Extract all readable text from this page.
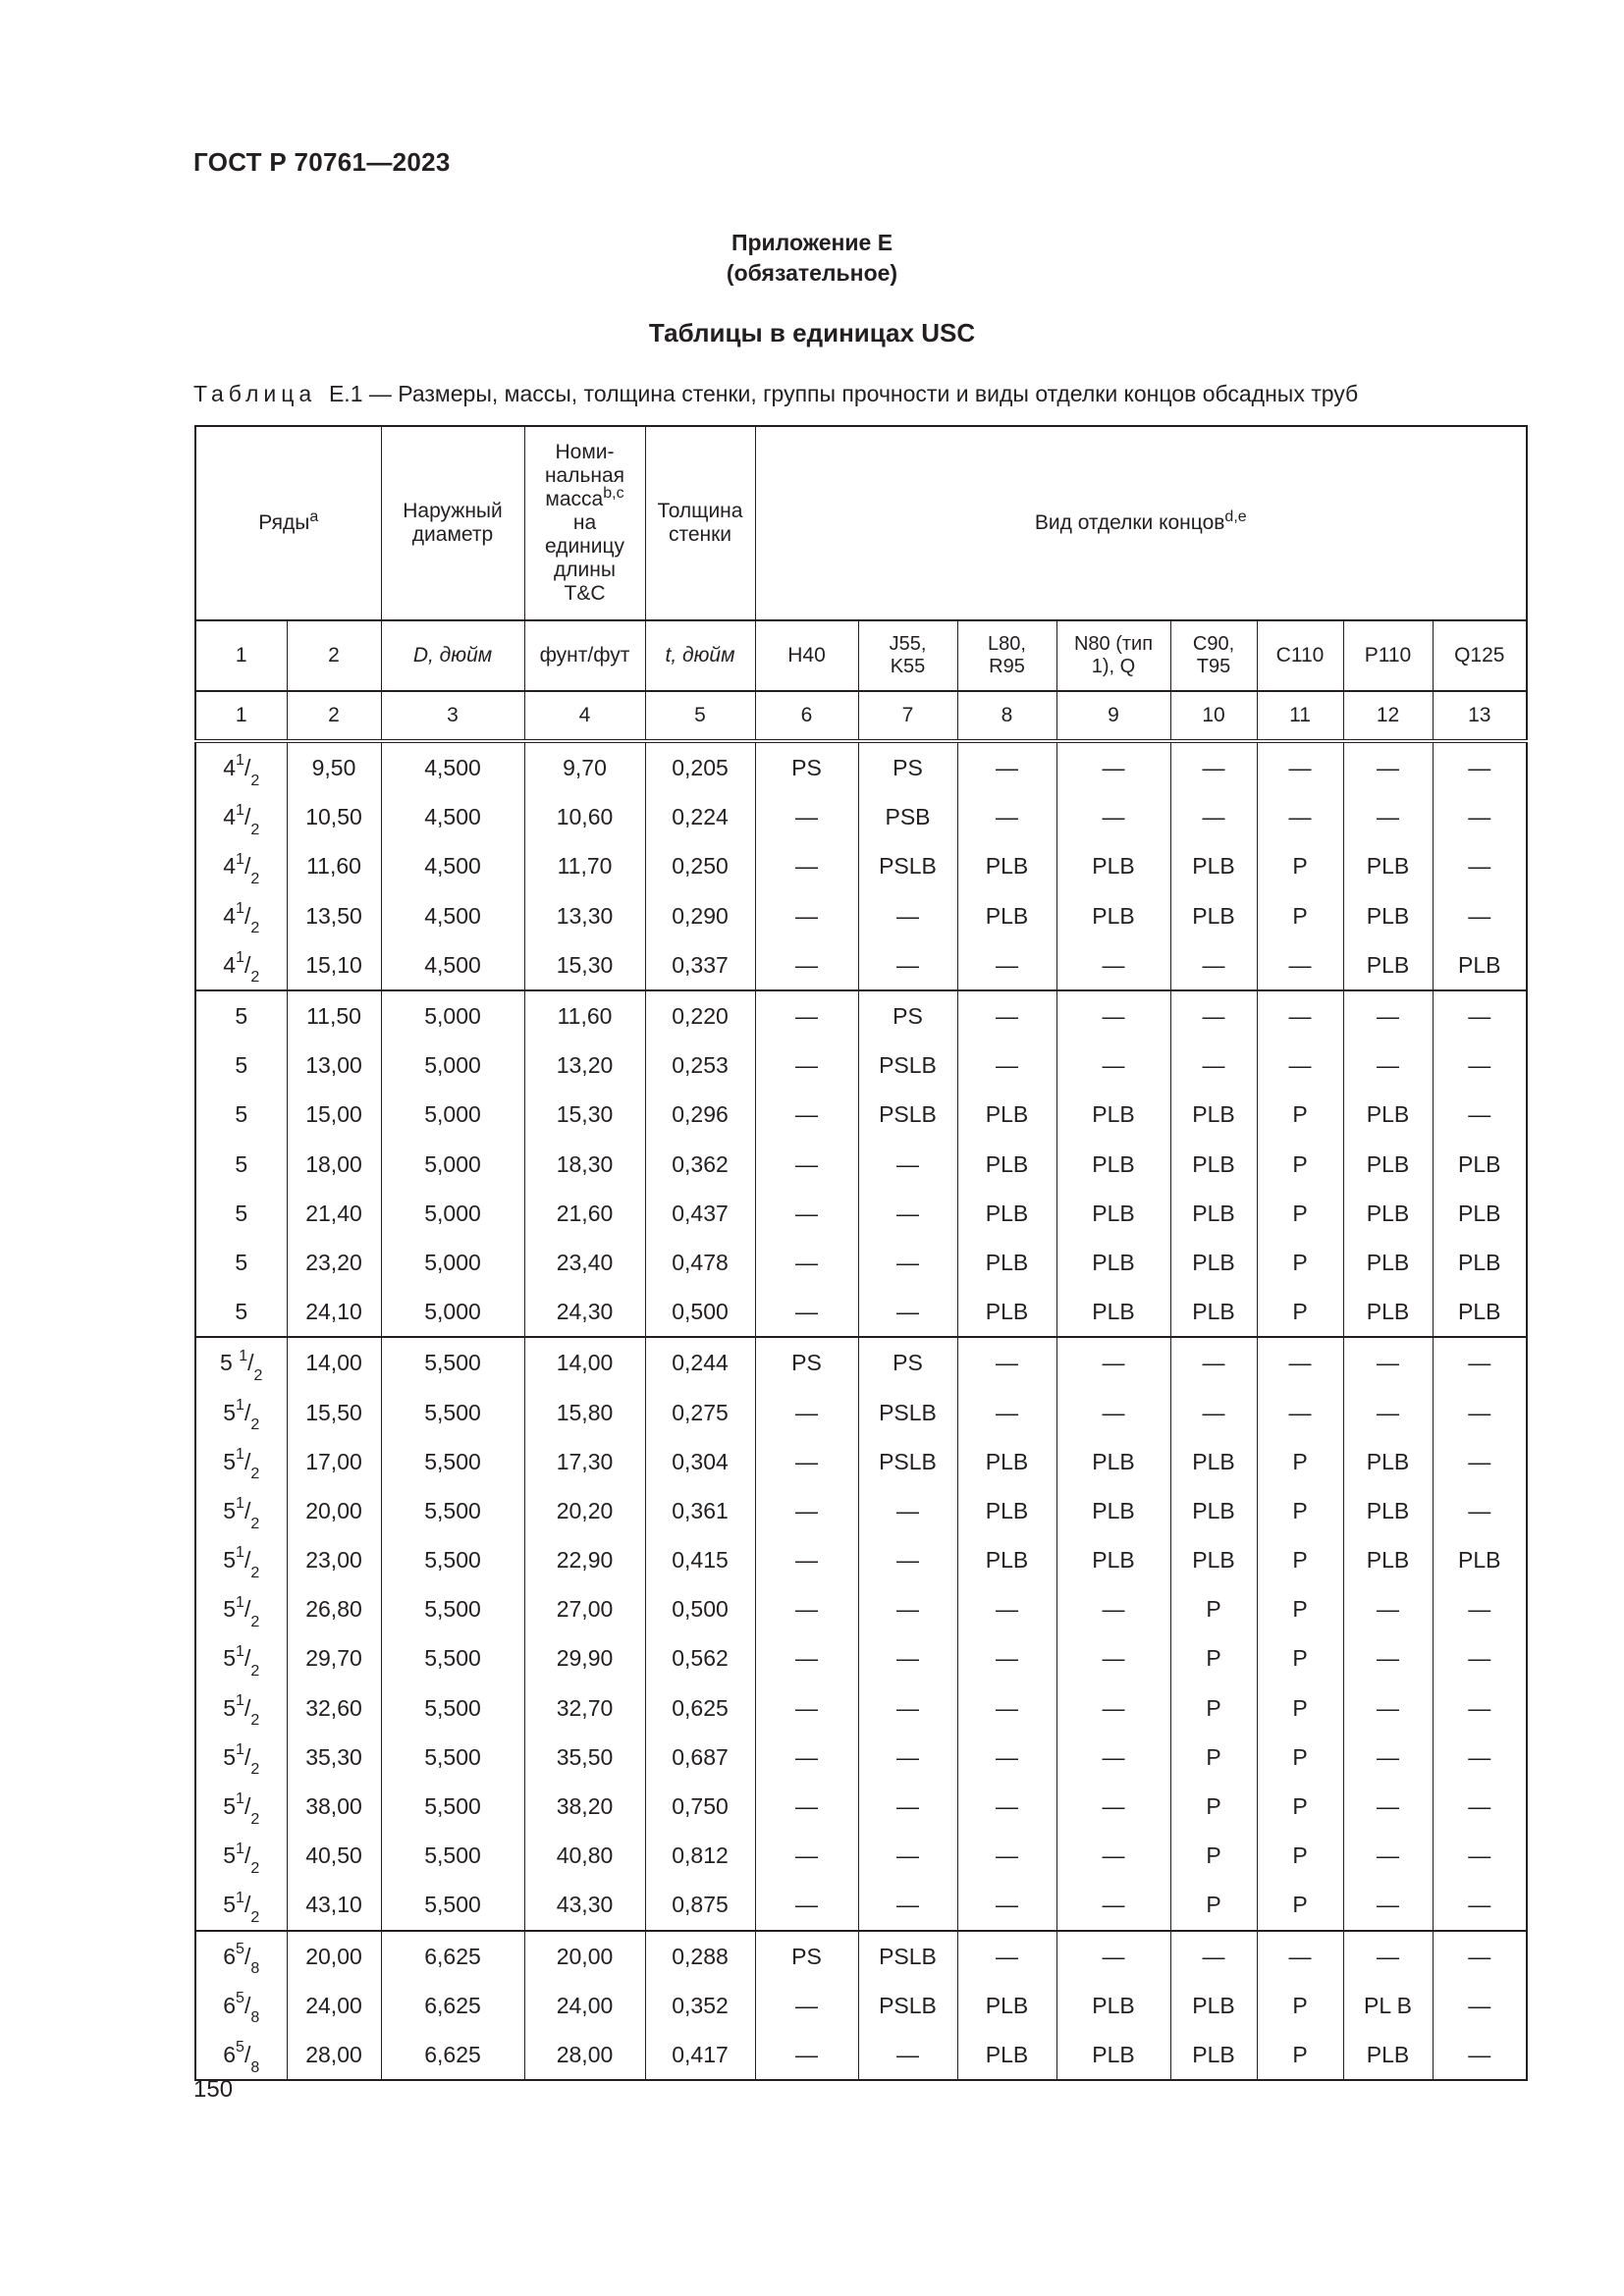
ГОСТ Р 70761—2023
Приложение Е
(обязательное)
Таблицы в единицах USC
Таблица Е.1 — Размеры, массы, толщина стенки, группы прочности и виды отделки концов обсадных труб
Ряды$^a$		Наружный диаметр	Номи-нальная масса$^{b,c}$ на единицу длины T&C	Толщина стенки	Вид отделки концов$^{d,e}$
1	2	D, дюйм	фунт/фут	t, дюйм	H40	J55, K55	L80, R95	N80 (тип 1), Q	C90, T95	C110	P110	Q125
1	2	3	4	5	6	7	8	9	10	11	12	13
$4^1/_2$	9,50	4,500	9,70	0,205	PS	PS	—	—	—	—	—	—
$4^1/_2$	10,50	4,500	10,60	0,224	—	PSB	—	—	—	—	—	—
$4^1/_2$	11,60	4,500	11,70	0,250	—	PSLB	PLB	PLB	PLB	P	PLB	—
$4^1/_2$	13,50	4,500	13,30	0,290	—	—	PLB	PLB	PLB	P	PLB	—
$4^1/_2$	15,10	4,500	15,30	0,337	—	—	—	—	—	—	PLB	PLB
5	11,50	5,000	11,60	0,220	—	PS	—	—	—	—	—	—
5	13,00	5,000	13,20	0,253	—	PSLB	—	—	—	—	—	—
5	15,00	5,000	15,30	0,296	—	PSLB	PLB	PLB	PLB	P	PLB	—
5	18,00	5,000	18,30	0,362	—	—	PLB	PLB	PLB	P	PLB	PLB
5	21,40	5,000	21,60	0,437	—	—	PLB	PLB	PLB	P	PLB	PLB
5	23,20	5,000	23,40	0,478	—	—	PLB	PLB	PLB	P	PLB	PLB
5	24,10	5,000	24,30	0,500	—	—	PLB	PLB	PLB	P	PLB	PLB
5 $^1/_2$	14,00	5,500	14,00	0,244	PS	PS	—	—	—	—	—	—
$5^1/_2$	15,50	5,500	15,80	0,275	—	PSLB	—	—	—	—	—	—
$5^1/_2$	17,00	5,500	17,30	0,304	—	PSLB	PLB	PLB	PLB	P	PLB	—
$5^1/_2$	20,00	5,500	20,20	0,361	—	—	PLB	PLB	PLB	P	PLB	—
$5^1/_2$	23,00	5,500	22,90	0,415	—	—	PLB	PLB	PLB	P	PLB	PLB
$5^1/_2$	26,80	5,500	27,00	0,500	—	—	—	—	P	P	—	—
$5^1/_2$	29,70	5,500	29,90	0,562	—	—	—	—	P	P	—	—
$5^1/_2$	32,60	5,500	32,70	0,625	—	—	—	—	P	P	—	—
$5^1/_2$	35,30	5,500	35,50	0,687	—	—	—	—	P	P	—	—
$5^1/_2$	38,00	5,500	38,20	0,750	—	—	—	—	P	P	—	—
$5^1/_2$	40,50	5,500	40,80	0,812	—	—	—	—	P	P	—	—
$5^1/_2$	43,10	5,500	43,30	0,875	—	—	—	—	P	P	—	—
$6^5/_8$	20,00	6,625	20,00	0,288	PS	PSLB	—	—	—	—	—	—
$6^5/_8$	24,00	6,625	24,00	0,352	—	PSLB	PLB	PLB	PLB	P	PL B	—
$6^5/_8$	28,00	6,625	28,00	0,417	—	—	PLB	PLB	PLB	P	PLB	—
150
